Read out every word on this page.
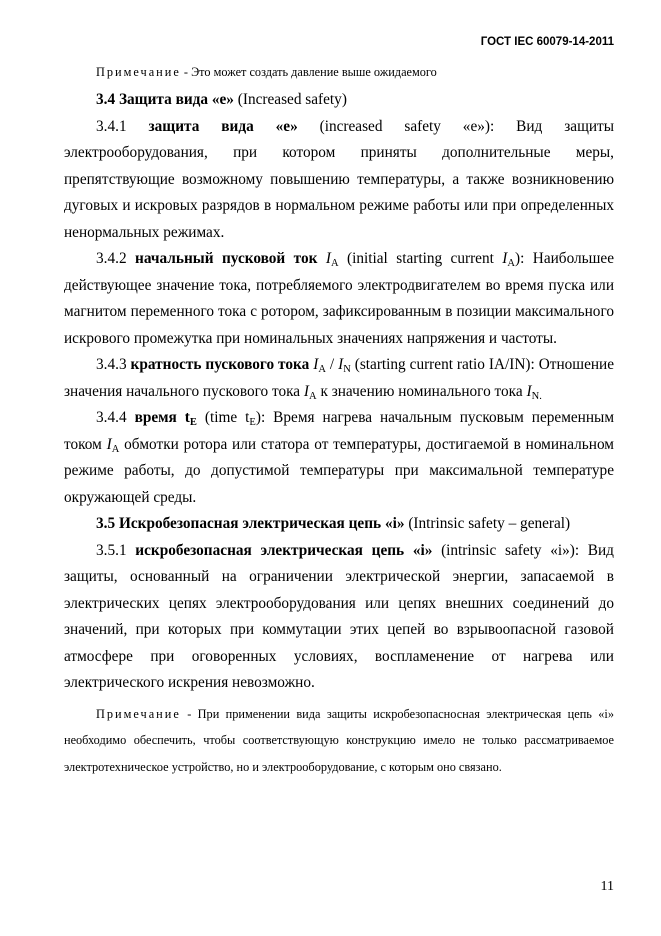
ГОСТ IEC 60079-14-2011

Примечание - Это может создать давление выше ожидаемого

3.4 Защита вида «е» (Increased safety)

3.4.1 защита вида «е» (increased safety «е»): Вид защиты электрооборудования, при котором приняты дополнительные меры, препятствующие возможному повышению температуры, а также возникновению дуговых и искровых разрядов в нормальном режиме работы или при определенных ненормальных режимах.

3.4.2 начальный пусковой ток $I_A$ (initial starting current $I_A$): Наибольшее действующее значение тока, потребляемого электродвигателем во время пуска или магнитом переменного тока с ротором, зафиксированным в позиции максимального искрового промежутка при номинальных значениях напряжения и частоты.

3.4.3 кратность пускового тока $I_A / I_N$ (starting current ratio IA/IN): Отношение значения начального пускового тока $I_A$ к значению номинального тока $I_{N.}$

3.4.4 время $t_E$ (time $t_E$): Время нагрева начальным пусковым переменным током $I_A$ обмотки ротора или статора от температуры, достигаемой в номинальном режиме работы, до допустимой температуры при максимальной температуре окружающей среды.

3.5 Искробезопасная электрическая цепь «i» (Intrinsic safety – general)

3.5.1 искробезопасная электрическая цепь «i» (intrinsic safety «i»): Вид защиты, основанный на ограничении электрической энергии, запасаемой в электрических цепях электрооборудования или цепях внешних соединений до значений, при которых при коммутации этих цепей во взрывоопасной газовой атмосфере при оговоренных условиях, воспламенение от нагрева или электрического искрения невозможно.

Примечание - При применении вида защиты искробезопасносная электрическая цепь «i» необходимо обеспечить, чтобы соответствующую конструкцию имело не только рассматриваемое электротехническое устройство, но и электрооборудование, с которым оно связано.

11
